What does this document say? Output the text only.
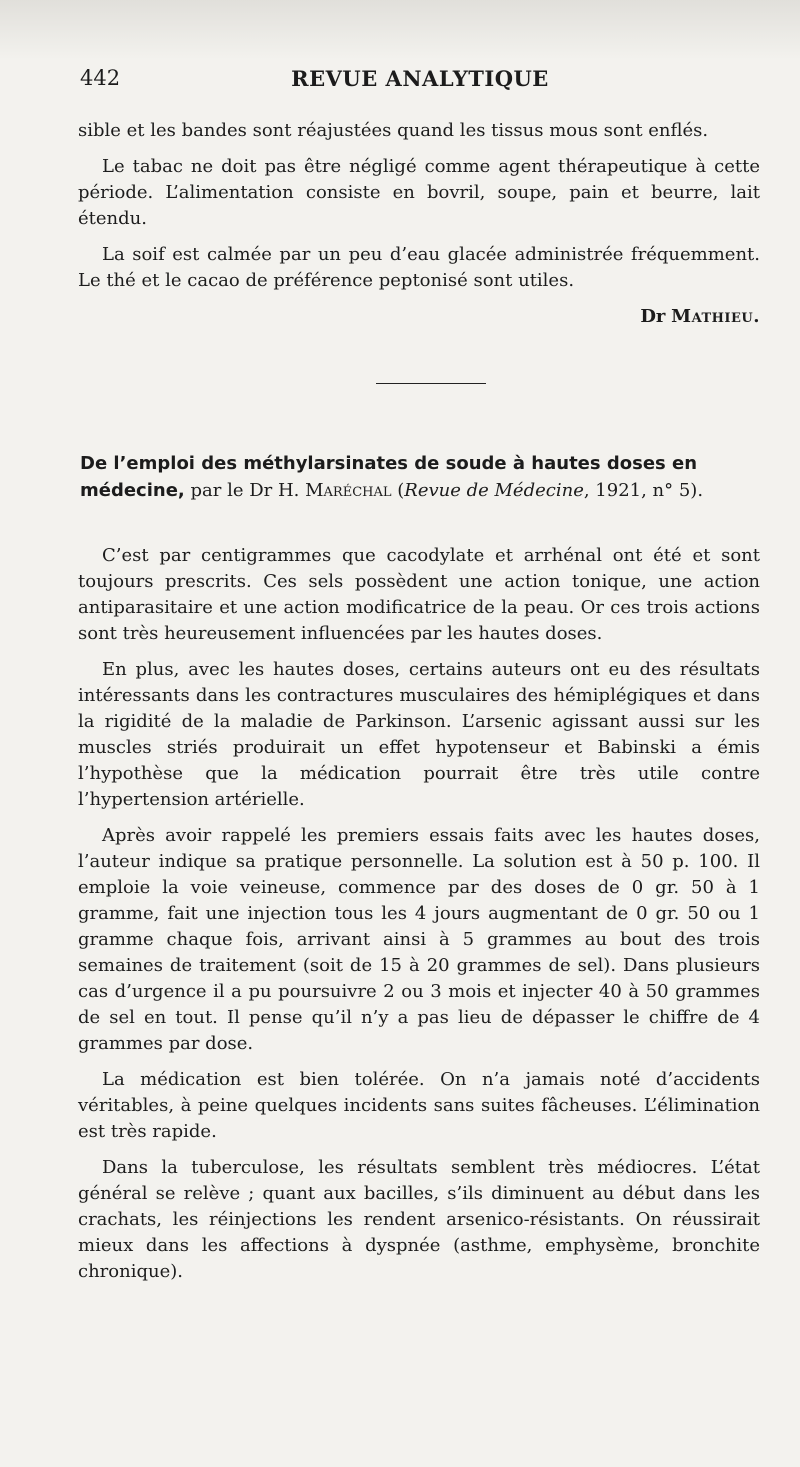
442	REVUE ANALYTIQUE

sible et les bandes sont réajustées quand les tissus mous sont enflés.

Le tabac ne doit pas être négligé comme agent thérapeutique à cette période. L’alimentation consiste en bovril, soupe, pain et beurre, lait étendu.

La soif est calmée par un peu d’eau glacée administrée fréquemment. Le thé et le cacao de préférence peptonisé sont utiles.

Dr Mathieu.
De l’emploi des méthylarsinates de soude à hautes doses en médecine, par le Dr H. Maréchal (Revue de Médecine, 1921, n° 5).

C’est par centigrammes que cacodylate et arrhénal ont été et sont toujours prescrits. Ces sels possèdent une action tonique, une action antiparasitaire et une action modificatrice de la peau. Or ces trois actions sont très heureusement influencées par les hautes doses.

En plus, avec les hautes doses, certains auteurs ont eu des résultats intéressants dans les contractures musculaires des hémiplégiques et dans la rigidité de la maladie de Parkinson. L’arsenic agissant aussi sur les muscles striés produirait un effet hypotenseur et Babinski a émis l’hypothèse que la médication pourrait être très utile contre l’hypertension artérielle.

Après avoir rappelé les premiers essais faits avec les hautes doses, l’auteur indique sa pratique personnelle. La solution est à 50 p. 100. Il emploie la voie veineuse, commence par des doses de 0 gr. 50 à 1 gramme, fait une injection tous les 4 jours augmentant de 0 gr. 50 ou 1 gramme chaque fois, arrivant ainsi à 5 grammes au bout des trois semaines de traitement (soit de 15 à 20 grammes de sel). Dans plusieurs cas d’urgence il a pu poursuivre 2 ou 3 mois et injecter 40 à 50 grammes de sel en tout. Il pense qu’il n’y a pas lieu de dépasser le chiffre de 4 grammes par dose.

La médication est bien tolérée. On n’a jamais noté d’accidents véritables, à peine quelques incidents sans suites fâcheuses. L’élimination est très rapide.

Dans la tuberculose, les résultats semblent très médiocres. L’état général se relève ; quant aux bacilles, s’ils diminuent au début dans les crachats, les réinjections les rendent arsenico-résistants. On réussirait mieux dans les affections à dyspnée (asthme, emphysème, bronchite chronique).
